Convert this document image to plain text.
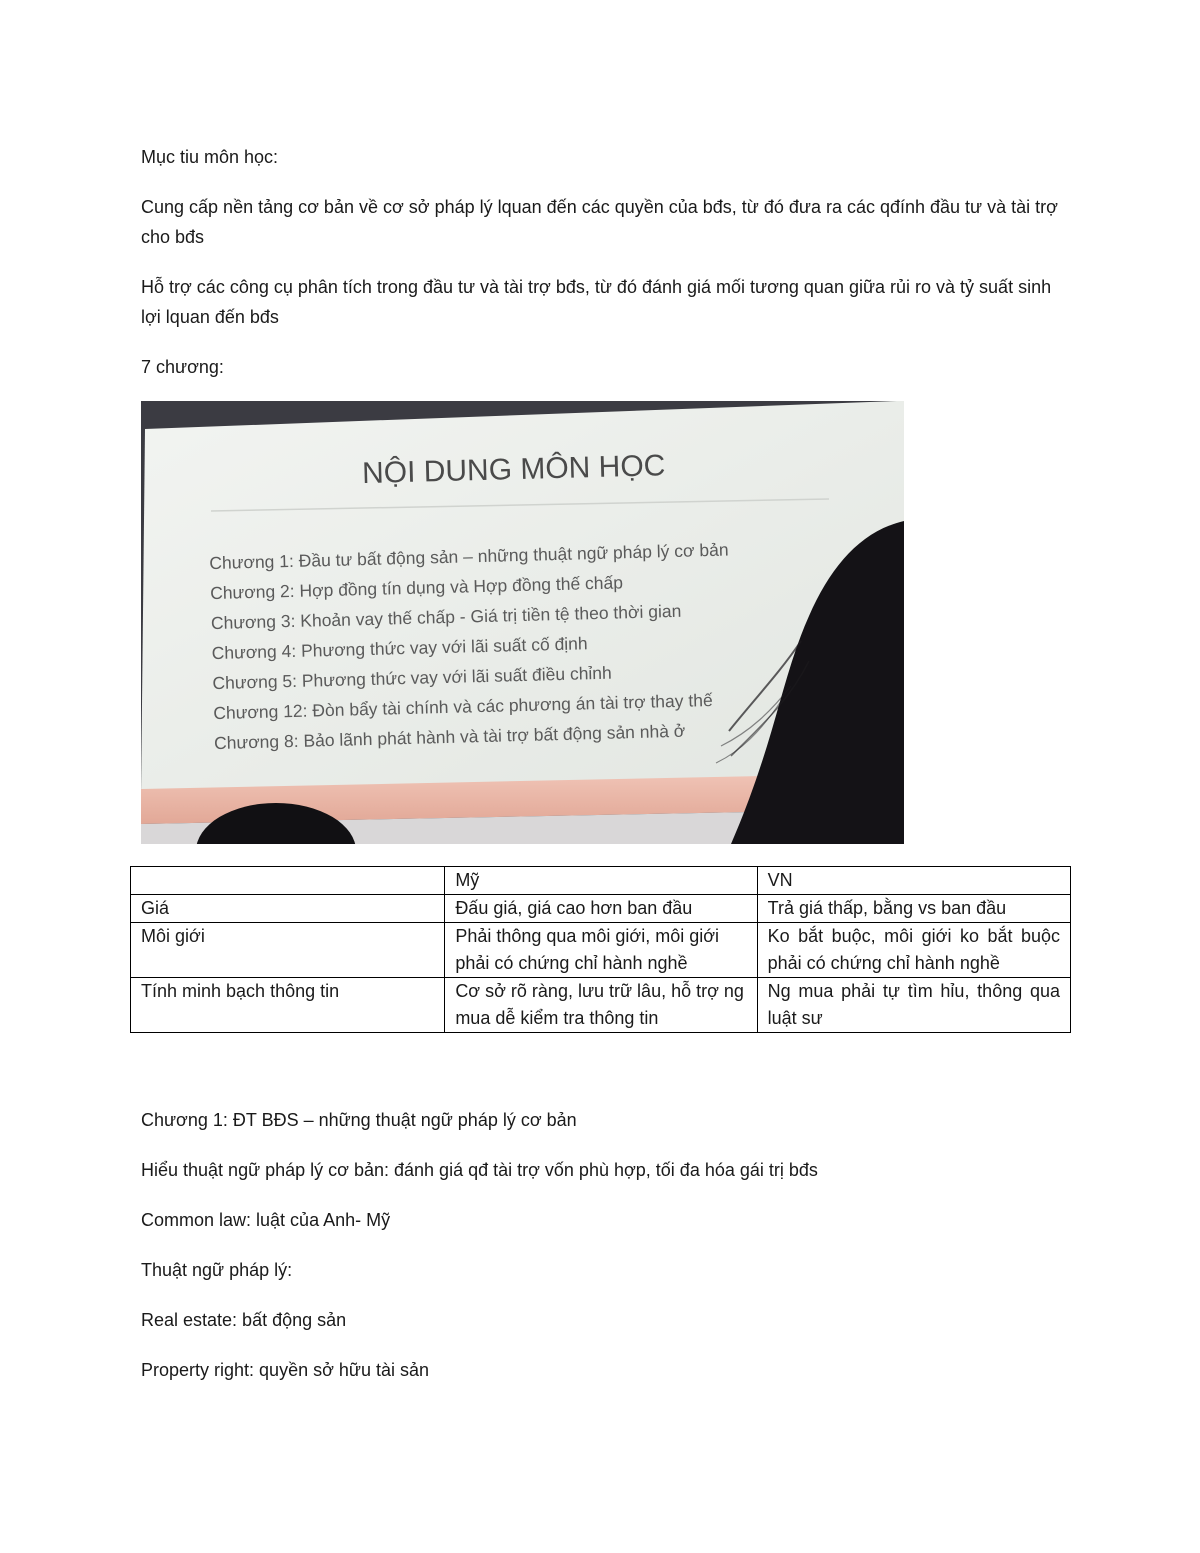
Mục tiu môn học:

Cung cấp nền tảng cơ bản về cơ sở pháp lý lquan đến các quyền của bđs, từ đó đưa ra các qđính đầu tư và tài trợ cho bđs

Hỗ trợ các công cụ phân tích trong đầu tư và tài trợ bđs, từ đó đánh giá mối tương quan giữa rủi ro và tỷ suất sinh lợi lquan đến bđs

7 chương:

NỘI DUNG MÔN HỌC
Chương 1: Đầu tư bất động sản – những thuật ngữ pháp lý cơ bản
Chương 2: Hợp đồng tín dụng và Hợp đồng thế chấp
Chương 3: Khoản vay thế chấp - Giá trị tiền tệ theo thời gian
Chương 4: Phương thức vay với lãi suất cố định
Chương 5: Phương thức vay với lãi suất điều chỉnh
Chương 12: Đòn bẩy tài chính và các phương án tài trợ thay thế
Chương 8: Bảo lãnh phát hành và tài trợ bất động sản nhà ở
	Mỹ	VN
Giá	Đấu giá, giá cao hơn ban đầu	Trả giá thấp, bằng vs ban đầu
Môi giới	Phải thông qua môi giới, môi giới phải có chứng chỉ hành nghề	Ko bắt buộc, môi giới ko bắt buộc phải có chứng chỉ hành nghề
Tính minh bạch thông tin	Cơ sở rõ ràng, lưu trữ lâu, hỗ trợ ng mua dễ kiểm tra thông tin	Ng mua phải tự tìm hỉu, thông qua luật sư

Chương 1: ĐT BĐS – những thuật ngữ pháp lý cơ bản

Hiểu thuật ngữ pháp lý cơ bản: đánh giá qđ tài trợ vốn phù hợp, tối đa hóa gái trị bđs

Common law: luật của Anh- Mỹ

Thuật ngữ pháp lý:

Real estate: bất động sản

Property right: quyền sở hữu tài sản
